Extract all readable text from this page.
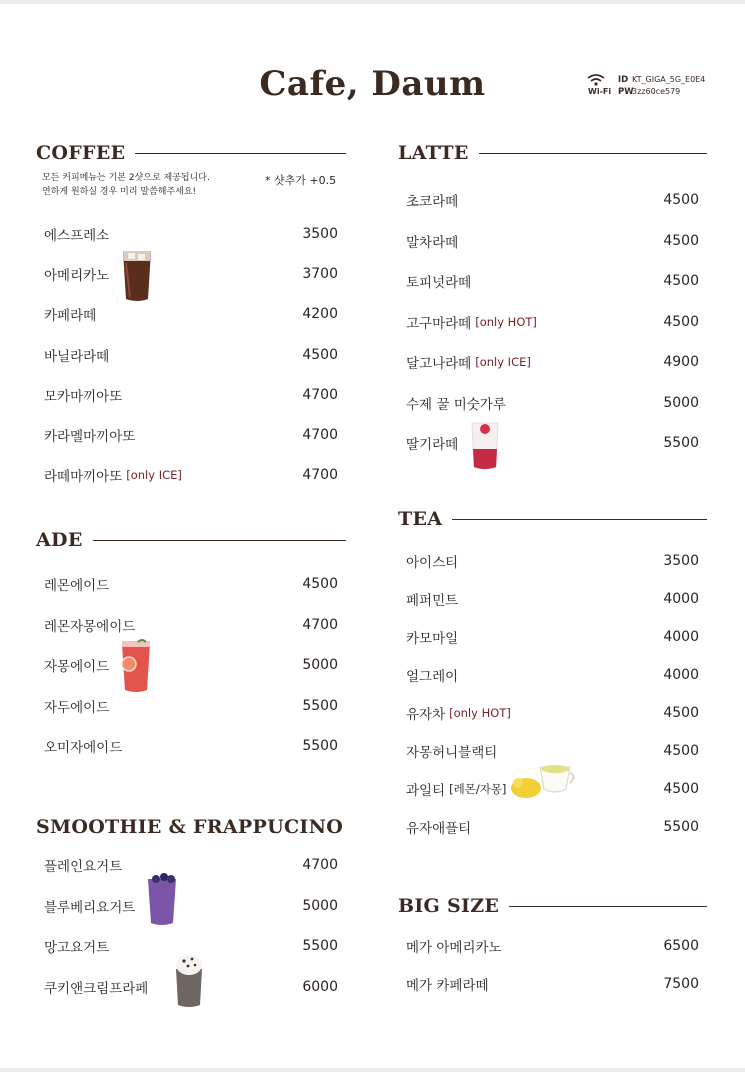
Cafe, Daum	ID KT_GIGA_5G_E0E4
Wi-Fi PW
3zz60ce579
COFFEE
모든 커피메뉴는 기본 2샷으로 제공됩니다.
연하게 원하실 경우 미리 말씀해주세요!
* 샷추가 +0.5
에스프레소	3500
아메리카노	3700
카페라떼	4200
바닐라라떼	4500
모카마끼아또	4700
카라멜마끼아또	4700
라떼마끼아또 [only ICE]	4700
ADE
레몬에이드	4500
레몬자몽에이드	4700
자몽에이드	5000
자두에이드	5500
오미자에이드	5500
SMOOTHIE & FRAPPUCINO
플레인요거트	4700
블루베리요거트	5000
망고요거트	5500
쿠키앤크림프라페	6000
LATTE
초코라떼	4500
말차라떼	4500
토피넛라떼	4500
고구마라떼 [only HOT]	4500
달고나라떼 [only ICE]	4900
수제 꿀 미숫가루	5000
딸기라떼	5500
TEA
아이스티	3500
페퍼민트	4000
카모마일	4000
얼그레이	4000
유자차 [only HOT]	4500
자몽허니블랙티	4500
과일티 [레몬/자몽]	4500
유자애플티	5500
BIG SIZE
메가 아메리카노	6500
메가 카페라떼	7500
